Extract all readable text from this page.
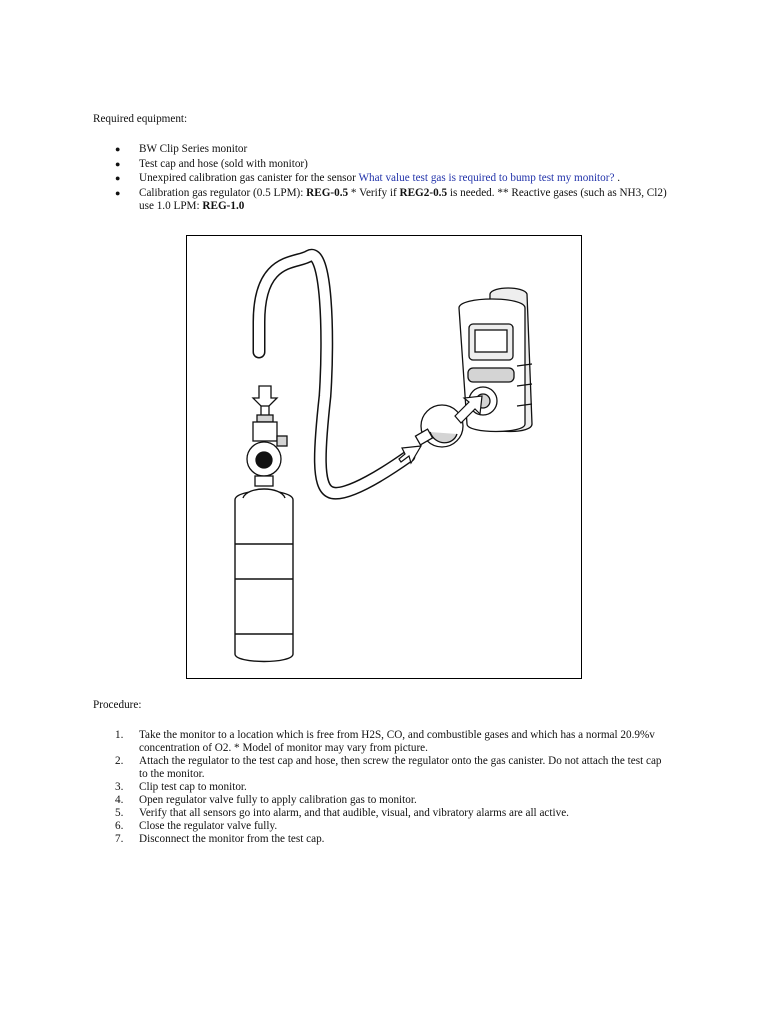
Required equipment:
● BW Clip Series monitor
● Test cap and hose (sold with monitor)
● Unexpired calibration gas canister for the sensor What value test gas is required to bump test my monitor? .
● Calibration gas regulator (0.5 LPM): REG-0.5 * Verify if REG2-0.5 is needed. ** Reactive gases (such as NH3, Cl2) use 1.0 LPM: REG-1.0
Procedure:
1. Take the monitor to a location which is free from H2S, CO, and combustible gases and which has a normal 20.9%v concentration of O2. * Model of monitor may vary from picture.
2. Attach the regulator to the test cap and hose, then screw the regulator onto the gas canister. Do not attach the test cap to the monitor.
3. Clip test cap to monitor.
4. Open regulator valve fully to apply calibration gas to monitor.
5. Verify that all sensors go into alarm, and that audible, visual, and vibratory alarms are all active.
6. Close the regulator valve fully.
7. Disconnect the monitor from the test cap.
